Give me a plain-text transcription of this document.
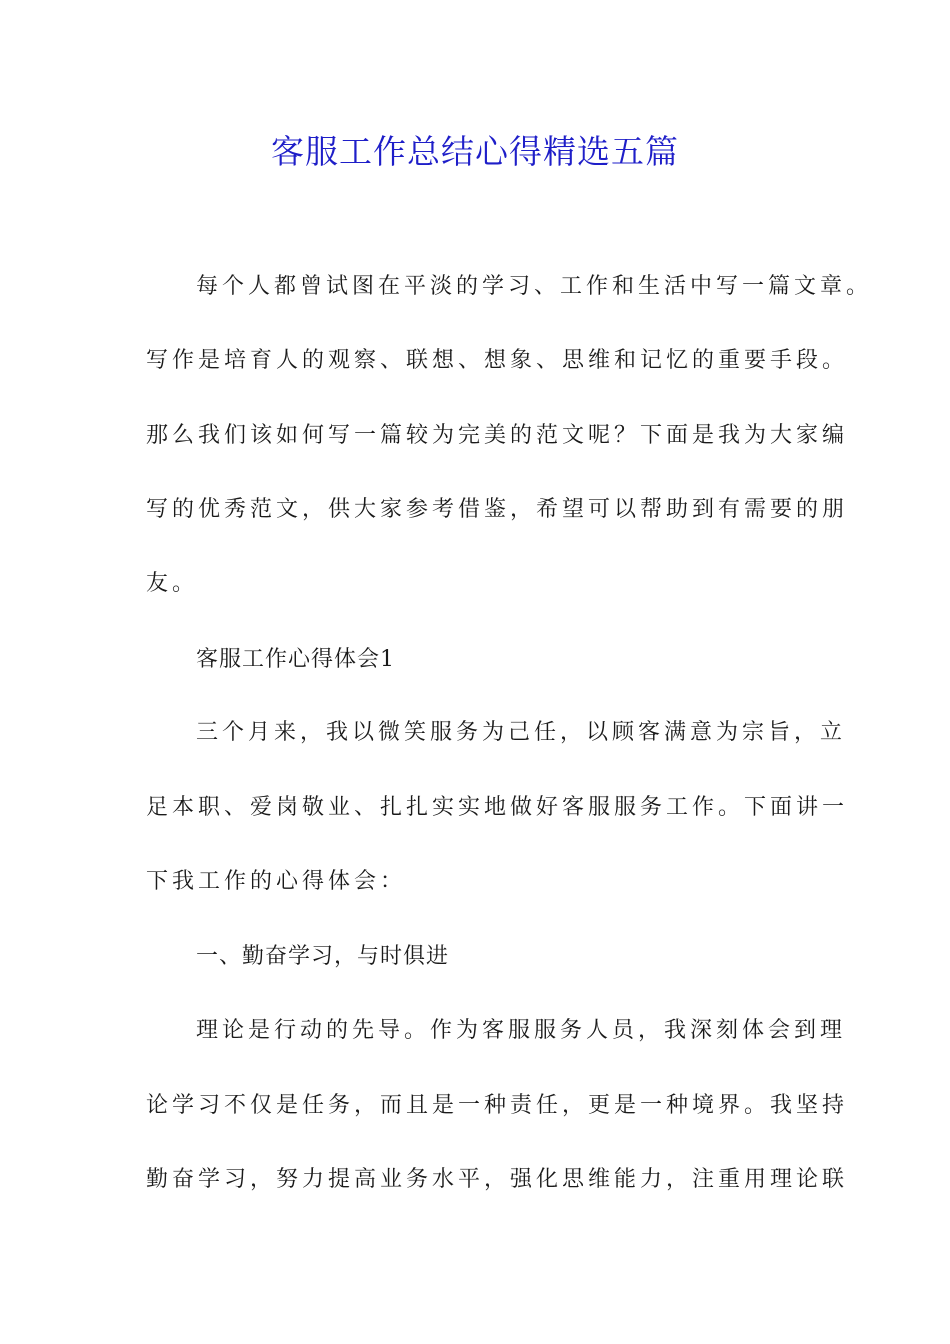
客服工作总结心得精选五篇
每个人都曾试图在平淡的学习、工作和生活中写一篇文章。
写作是培育人的观察、联想、想象、思维和记忆的重要手段。
那么我们该如何写一篇较为完美的范文呢？下面是我为大家编
写的优秀范文，供大家参考借鉴，希望可以帮助到有需要的朋
友。
客服工作心得体会1
三个月来，我以微笑服务为己任，以顾客满意为宗旨，立
足本职、爱岗敬业、扎扎实实地做好客服服务工作。下面讲一
下我工作的心得体会：
一、勤奋学习，与时俱进
理论是行动的先导。作为客服服务人员，我深刻体会到理
论学习不仅是任务，而且是一种责任，更是一种境界。我坚持
勤奋学习，努力提高业务水平，强化思维能力，注重用理论联
